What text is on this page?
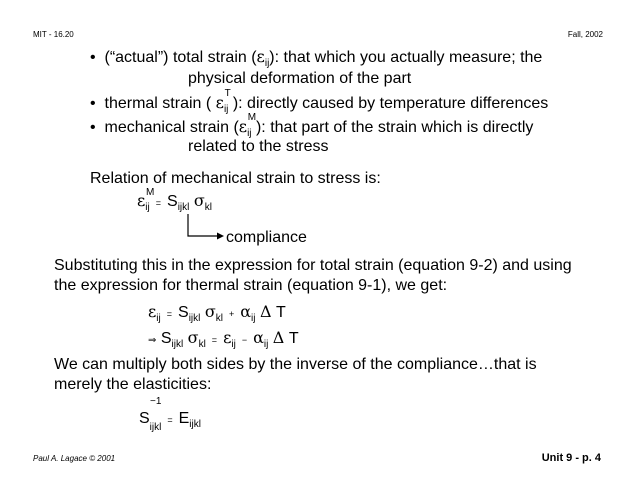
MIT - 16.20	Fall, 2002
• (“actual”) total strain $(\varepsilon_{ij})$: that which you actually measure; the
physical deformation of the part
• thermal strain ( ε T
$_{ij}$ ): directly caused by temperature differences
• mechanical strain (ε M
$_{ij}$ ): that part of the strain which is directly
related to the stress
Relation of mechanical strain to stress is:
ε M
$_{ij} = S_{ijkl}$ $\sigma_{kl}$
compliance
Substituting this in the expression for total strain (equation 9-2) and using
the expression for thermal strain (equation 9-1), we get:
$\varepsilon_{ij} = S_{ijkl}$ $\sigma_{kl} + \alpha_{ij}$ Δ T
⇒ $S_{ijkl}$ $\sigma_{kl} = \varepsilon_{ij} - \alpha_{ij}$ Δ T
We can multiply both sides by the inverse of the compliance…that is
merely the elasticities:
−1
$S_{ijkl}= E_{ijkl}$
Paul A. Lagace © 2001	Unit 9 - p. 4
